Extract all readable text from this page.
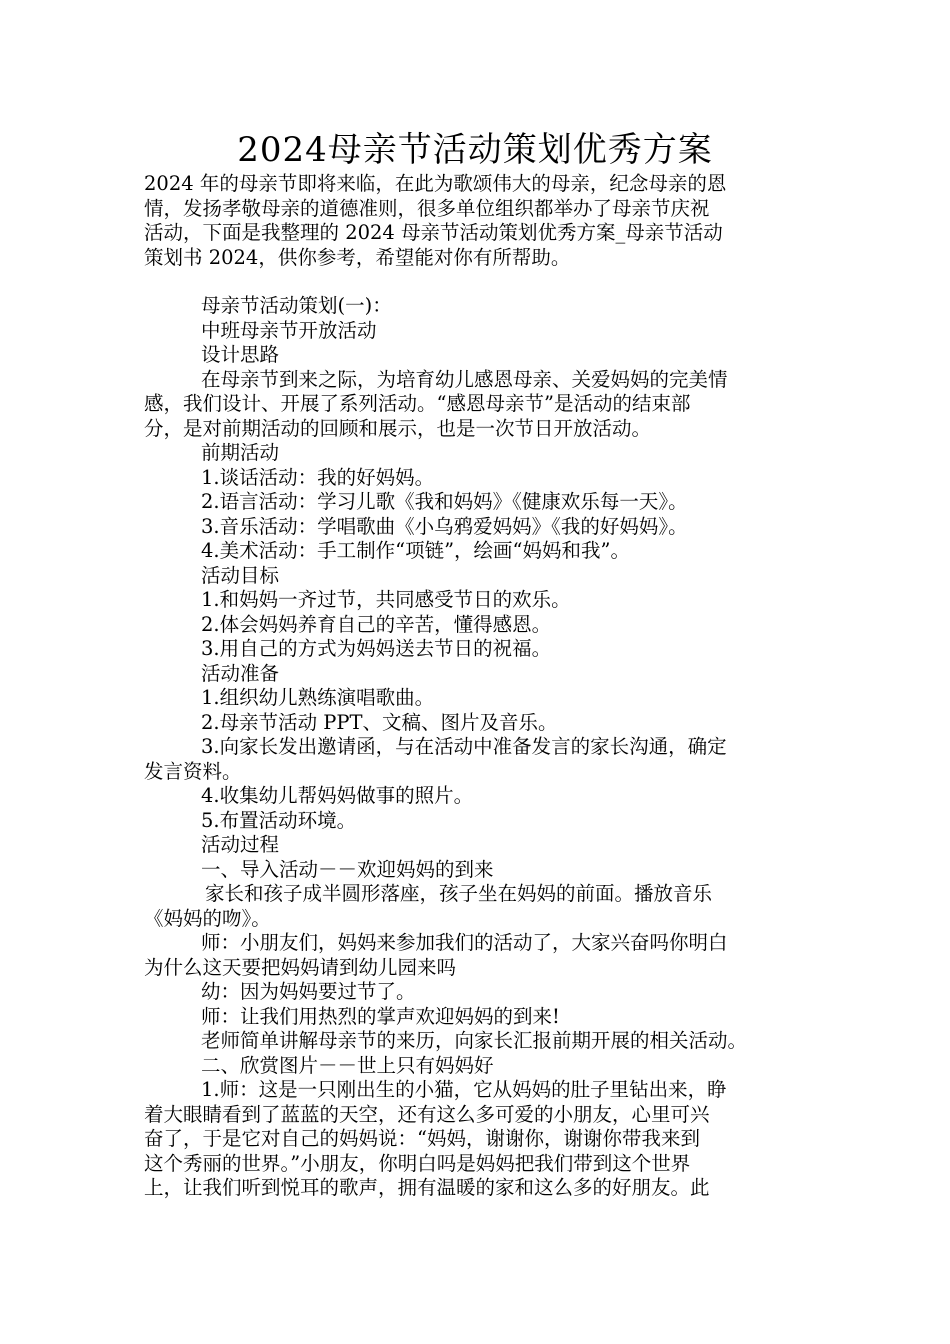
2024母亲节活动策划优秀方案
2024 年的母亲节即将来临，在此为歌颂伟大的母亲，纪念母亲的恩
情，发扬孝敬母亲的道德准则，很多单位组织都举办了母亲节庆祝
活动，下面是我整理的 2024 母亲节活动策划优秀方案_母亲节活动
策划书 2024，供你参考，希望能对你有所帮助。
母亲节活动策划(一)：
中班母亲节开放活动
设计思路
在母亲节到来之际，为培育幼儿感恩母亲、关爱妈妈的完美情
感，我们设计、开展了系列活动。“感恩母亲节”是活动的结束部
分，是对前期活动的回顾和展示，也是一次节日开放活动。
前期活动
1.谈话活动：我的好妈妈。
2.语言活动：学习儿歌《我和妈妈》《健康欢乐每一天》。
3.音乐活动：学唱歌曲《小乌鸦爱妈妈》《我的好妈妈》。
4.美术活动：手工制作“项链”，绘画“妈妈和我”。
活动目标
1.和妈妈一齐过节，共同感受节日的欢乐。
2.体会妈妈养育自己的辛苦，懂得感恩。
3.用自己的方式为妈妈送去节日的祝福。
活动准备
1.组织幼儿熟练演唱歌曲。
2.母亲节活动 PPT、文稿、图片及音乐。
3.向家长发出邀请函，与在活动中准备发言的家长沟通，确定
发言资料。
4.收集幼儿帮妈妈做事的照片。
5.布置活动环境。
活动过程
一、导入活动－－欢迎妈妈的到来
家长和孩子成半圆形落座，孩子坐在妈妈的前面。播放音乐
《妈妈的吻》。
师：小朋友们，妈妈来参加我们的活动了，大家兴奋吗你明白
为什么这天要把妈妈请到幼儿园来吗
幼：因为妈妈要过节了。
师：让我们用热烈的掌声欢迎妈妈的到来!
老师简单讲解母亲节的来历，向家长汇报前期开展的相关活动。
二、欣赏图片－－世上只有妈妈好
1.师：这是一只刚出生的小猫，它从妈妈的肚子里钻出来，睁
着大眼睛看到了蓝蓝的天空，还有这么多可爱的小朋友，心里可兴
奋了，于是它对自己的妈妈说：“妈妈，谢谢你，谢谢你带我来到
这个秀丽的世界。”小朋友，你明白吗是妈妈把我们带到这个世界
上，让我们听到悦耳的歌声，拥有温暖的家和这么多的好朋友。此
